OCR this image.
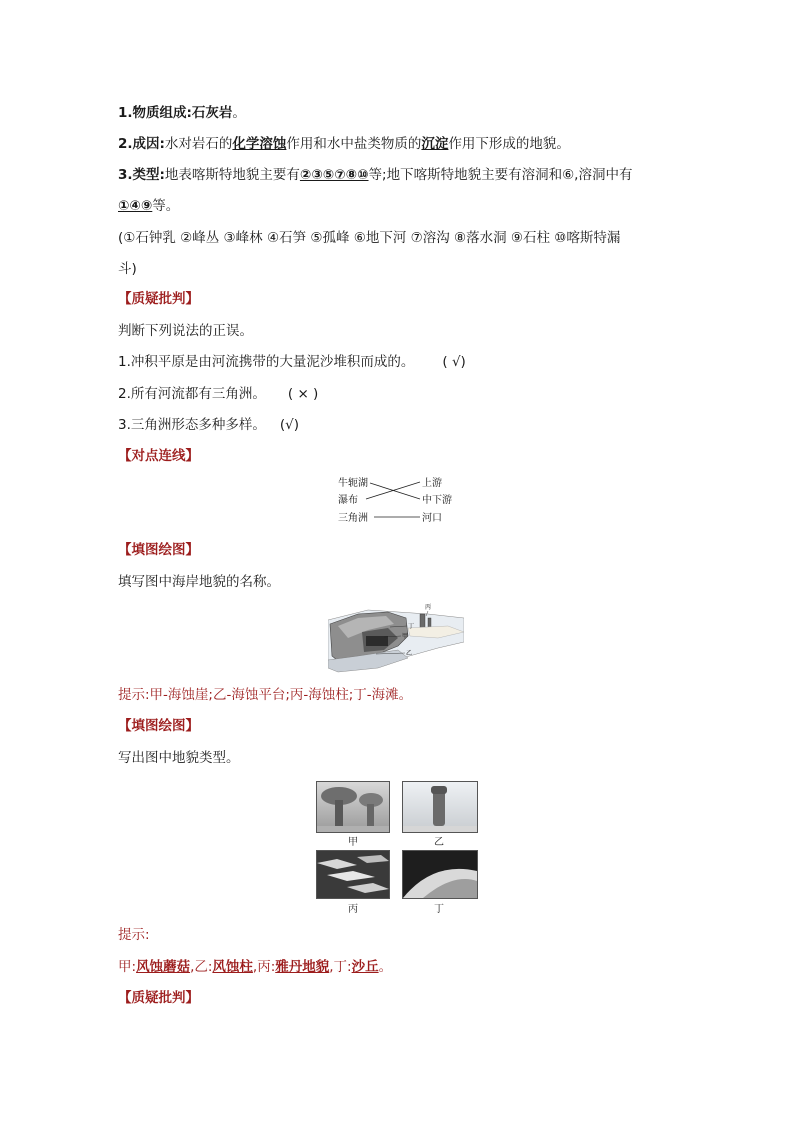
1.物质组成:石灰岩。
2.成因:水对岩石的化学溶蚀作用和水中盐类物质的沉淀作用下形成的地貌。
3.类型:地表喀斯特地貌主要有②③⑤⑦⑧⑩等;地下喀斯特地貌主要有溶洞和⑥,溶洞中有
①④⑨等。
(①石钟乳 ②峰丛 ③峰林 ④石笋 ⑤孤峰 ⑥地下河 ⑦溶沟 ⑧落水洞 ⑨石柱 ⑩喀斯特漏
斗)
【质疑批判】
判断下列说法的正误。
1.冲积平原是由河流携带的大量泥沙堆积而成的。 ( √)
2.所有河流都有三角洲。 ( × )
3.三角洲形态多种多样。 (√)
【对点连线】
牛轭湖
瀑布
三角洲
上游
中下游
河口
【填图绘图】
填写图中海岸地貌的名称。
丙
丁
甲
乙
提示:甲-海蚀崖;乙-海蚀平台;丙-海蚀柱;丁-海滩。
【填图绘图】
写出图中地貌类型。
甲	乙
丙	丁
提示:
甲:风蚀蘑菇,乙:风蚀柱,丙:雅丹地貌,丁:沙丘。
【质疑批判】
